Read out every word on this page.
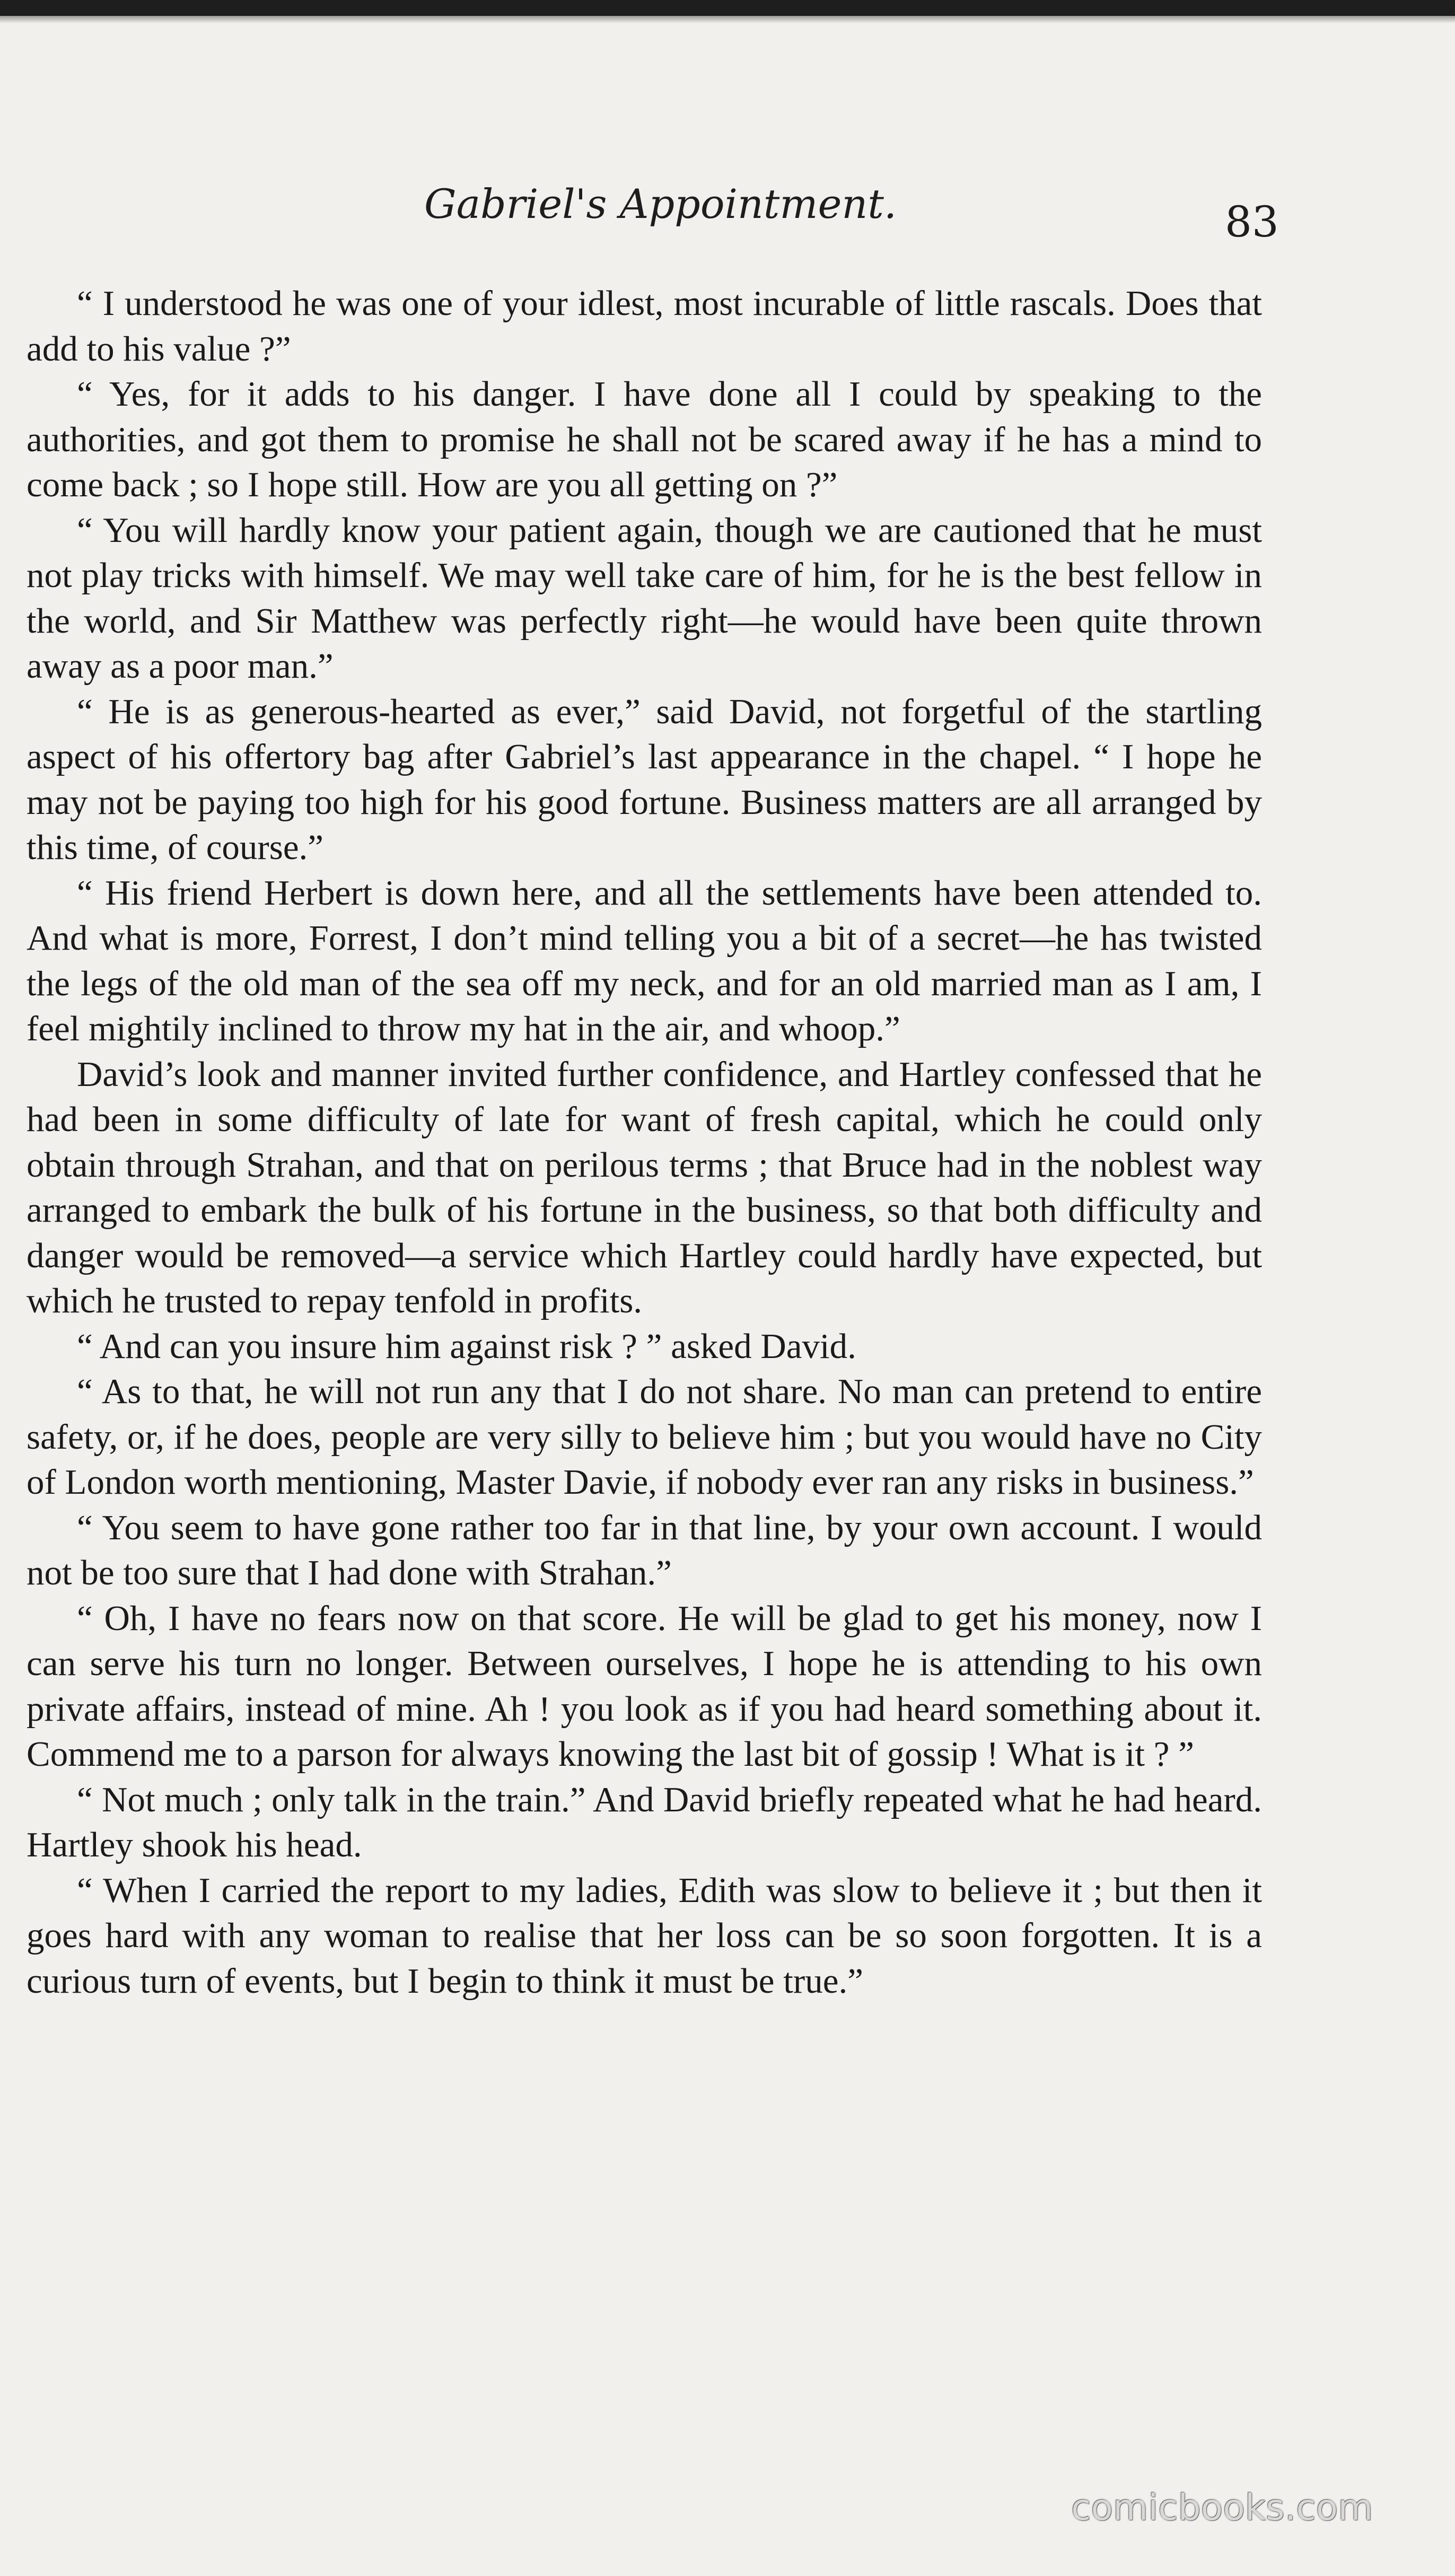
Gabriel's Appointment.	83

“ I understood he was one of your idlest, most incurable of little rascals. Does that add to his value ?”

“ Yes, for it adds to his danger. I have done all I could by speaking to the authorities, and got them to promise he shall not be scared away if he has a mind to come back ; so I hope still. How are you all getting on ?”

“ You will hardly know your patient again, though we are cautioned that he must not play tricks with himself. We may well take care of him, for he is the best fellow in the world, and Sir Matthew was perfectly right—he would have been quite thrown away as a poor man.”

“ He is as generous-hearted as ever,” said David, not forgetful of the startling aspect of his offertory bag after Gabriel’s last appearance in the chapel. “ I hope he may not be paying too high for his good fortune. Business matters are all arranged by this time, of course.”

“ His friend Herbert is down here, and all the settlements have been attended to. And what is more, Forrest, I don’t mind telling you a bit of a secret—he has twisted the legs of the old man of the sea off my neck, and for an old married man as I am, I feel mightily inclined to throw my hat in the air, and whoop.”

David’s look and manner invited further confidence, and Hartley confessed that he had been in some difficulty of late for want of fresh capital, which he could only obtain through Strahan, and that on perilous terms ; that Bruce had in the noblest way arranged to embark the bulk of his fortune in the business, so that both difficulty and danger would be removed—a service which Hartley could hardly have expected, but which he trusted to repay tenfold in profits.

“ And can you insure him against risk ? ” asked David.

“ As to that, he will not run any that I do not share. No man can pretend to entire safety, or, if he does, people are very silly to believe him ; but you would have no City of London worth mentioning, Master Davie, if nobody ever ran any risks in business.”

“ You seem to have gone rather too far in that line, by your own account. I would not be too sure that I had done with Strahan.”

“ Oh, I have no fears now on that score. He will be glad to get his money, now I can serve his turn no longer. Between ourselves, I hope he is attending to his own private affairs, instead of mine. Ah ! you look as if you had heard something about it. Commend me to a parson for always knowing the last bit of gossip ! What is it ? ”

“ Not much ; only talk in the train.” And David briefly repeated what he had heard. Hartley shook his head.

“ When I carried the report to my ladies, Edith was slow to believe it ; but then it goes hard with any woman to realise that her loss can be so soon forgotten. It is a curious turn of events, but I begin to think it must be true.”

comicbooks.com
